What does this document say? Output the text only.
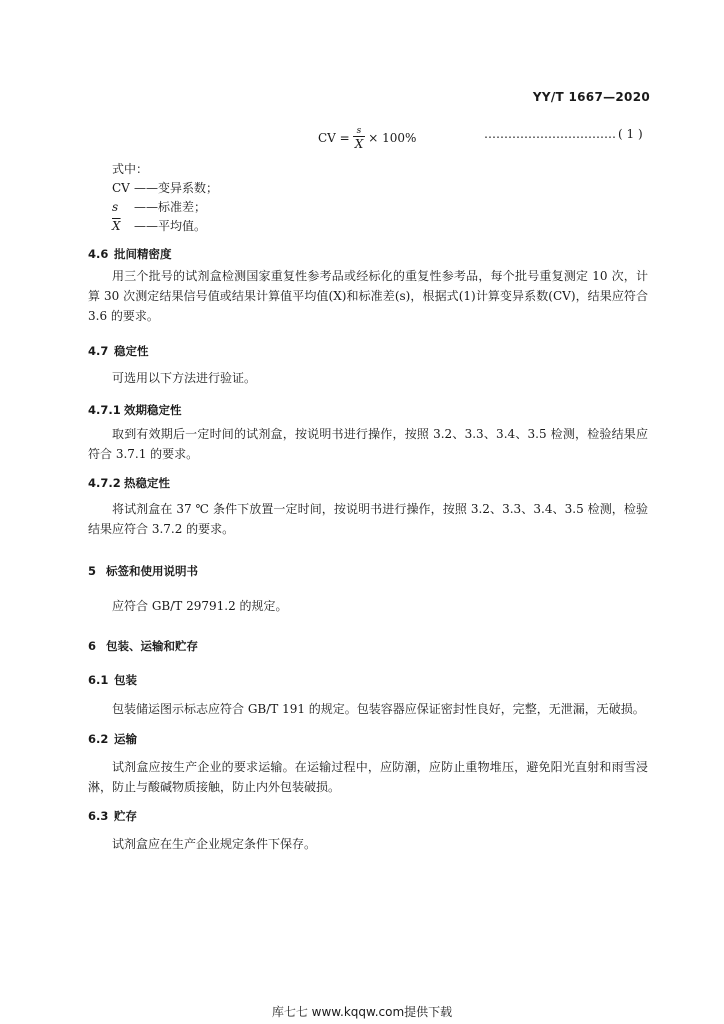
YY/T 1667—2020
CV = $\frac{s}{X} \times 100\%$	…………………………… ( 1 )
式中：
CV ——变异系数；
s ——标准差；
$\overline{X}$ ——平均值。
4.6 批间精密度
用三个批号的试剂盒检测国家重复性参考品或经标化的重复性参考品，每个批号重复测定 10 次，计算 30 次测定结果信号值或结果计算值平均值(X)和标准差(s)，根据式(1)计算变异系数(CV)，结果应符合 3.6 的要求。
4.7 稳定性
可选用以下方法进行验证。
4.7.1 效期稳定性
取到有效期后一定时间的试剂盒，按说明书进行操作，按照 3.2、3.3、3.4、3.5 检测，检验结果应符合 3.7.1 的要求。
4.7.2 热稳定性
将试剂盒在 37 ℃ 条件下放置一定时间，按说明书进行操作，按照 3.2、3.3、3.4、3.5 检测，检验结果应符合 3.7.2 的要求。
5 标签和使用说明书
应符合 GB/T 29791.2 的规定。
6 包装、运输和贮存
6.1 包装
包装储运图示标志应符合 GB/T 191 的规定。包装容器应保证密封性良好，完整，无泄漏，无破损。
6.2 运输
试剂盒应按生产企业的要求运输。在运输过程中，应防潮，应防止重物堆压，避免阳光直射和雨雪浸淋，防止与酸碱物质接触，防止内外包装破损。
6.3 贮存
试剂盒应在生产企业规定条件下保存。
库七七 www.kqqw.com提供下载
